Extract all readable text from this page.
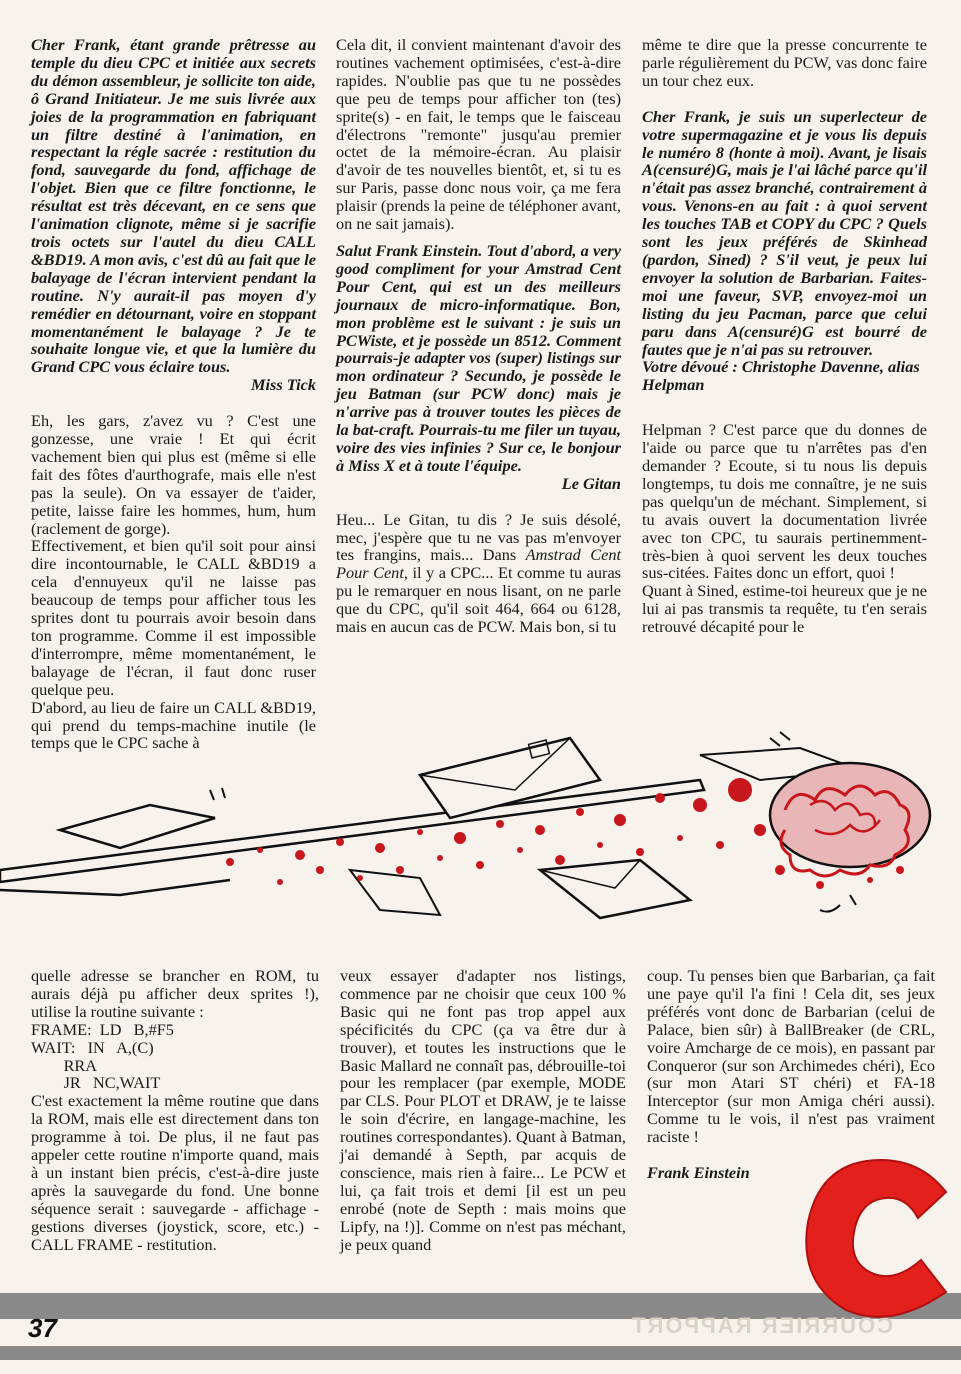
Cher Frank, étant grande prêtresse au temple du dieu CPC et initiée aux secrets du démon assembleur, je sollicite ton aide, ô Grand Initiateur. Je me suis livrée aux joies de la programmation en fabriquant un filtre destiné à l'animation, en respectant la régle sacrée : restitution du fond, sauvegarde du fond, affichage de l'objet. Bien que ce filtre fonctionne, le résultat est très décevant, en ce sens que l'animation clignote, même si je sacrifie trois octets sur l'autel du dieu CALL &BD19. A mon avis, c'est dû au fait que le balayage de l'écran intervient pendant la routine. N'y aurait-il pas moyen d'y remédier en détournant, voire en stoppant momentanément le balayage ? Je te souhaite longue vie, et que la lumière du Grand CPC vous éclaire tous.

Miss Tick

Eh, les gars, z'avez vu ? C'est une gonzesse, une vraie ! Et qui écrit vachement bien qui plus est (même si elle fait des fôtes d'aurthografe, mais elle n'est pas la seule). On va essayer de t'aider, petite, laisse faire les hommes, hum, hum (raclement de gorge).

Effectivement, et bien qu'il soit pour ainsi dire incontournable, le CALL &BD19 a cela d'ennuyeux qu'il ne laisse pas beaucoup de temps pour afficher tous les sprites dont tu pourrais avoir besoin dans ton programme. Comme il est impossible d'interrompre, même momentanément, le balayage de l'écran, il faut donc ruser quelque peu.

D'abord, au lieu de faire un CALL &BD19, qui prend du temps-machine inutile (le temps que le CPC sache à

Cela dit, il convient maintenant d'avoir des routines vachement optimisées, c'est-à-dire rapides. N'oublie pas que tu ne possèdes que peu de temps pour afficher ton (tes) sprite(s) - en fait, le temps que le faisceau d'électrons "remonte" jusqu'au premier octet de la mémoire-écran. Au plaisir d'avoir de tes nouvelles bientôt, et, si tu es sur Paris, passe donc nous voir, ça me fera plaisir (prends la peine de téléphoner avant, on ne sait jamais).

Salut Frank Einstein. Tout d'abord, a very good compliment for your Amstrad Cent Pour Cent, qui est un des meilleurs journaux de micro-informatique. Bon, mon problème est le suivant : je suis un PCWiste, et je possède un 8512. Comment pourrais-je adapter vos (super) listings sur mon ordinateur ? Secundo, je possède le jeu Batman (sur PCW donc) mais je n'arrive pas à trouver toutes les pièces de la bat-craft. Pourrais-tu me filer un tuyau, voire des vies infinies ? Sur ce, le bonjour à Miss X et à toute l'équipe.

Le Gitan

Heu... Le Gitan, tu dis ? Je suis désolé, mec, j'espère que tu ne vas pas m'envoyer tes frangins, mais... Dans Amstrad Cent Pour Cent, il y a CPC... Et comme tu auras pu le remarquer en nous lisant, on ne parle que du CPC, qu'il soit 464, 664 ou 6128, mais en aucun cas de PCW. Mais bon, si tu

même te dire que la presse concurrente te parle régulièrement du PCW, vas donc faire un tour chez eux.

Cher Frank, je suis un superlecteur de votre supermagazine et je vous lis depuis le numéro 8 (honte à moi). Avant, je lisais A(censuré)G, mais je l'ai lâché parce qu'il n'était pas assez branché, contrairement à vous. Venons-en au fait : à quoi servent les touches TAB et COPY du CPC ? Quels sont les jeux préférés de Skinhead (pardon, Sined) ? S'il veut, je peux lui envoyer la solution de Barbarian. Faites-moi une faveur, SVP, envoyez-moi un listing du jeu Pacman, parce que celui paru dans A(censuré)G est bourré de fautes que je n'ai pas su retrouver.

Votre dévoué : Christophe Davenne, alias Helpman

Helpman ? C'est parce que du donnes de l'aide ou parce que tu n'arrêtes pas d'en demander ? Ecoute, si tu nous lis depuis longtemps, tu dois me connaître, je ne suis pas quelqu'un de méchant. Simplement, si tu avais ouvert la documentation livrée avec ton CPC, tu saurais pertinemment-très-bien à quoi servent les deux touches sus-citées. Faites donc un effort, quoi !

Quant à Sined, estime-toi heureux que je ne lui ai pas transmis ta requête, tu t'en serais retrouvé décapité pour le

quelle adresse se brancher en ROM, tu aurais déjà pu afficher deux sprites !), utilise la routine suivante :

FRAME:  LD   B,#F5

WAIT:   IN   A,(C)

RRA

JR   NC,WAIT

C'est exactement la même routine que dans la ROM, mais elle est directement dans ton programme à toi. De plus, il ne faut pas appeler cette routine n'importe quand, mais à un instant bien précis, c'est-à-dire juste après la sauvegarde du fond. Une bonne séquence serait : sauvegarde - affichage - gestions diverses (joystick, score, etc.) - CALL FRAME - restitution.

veux essayer d'adapter nos listings, commence par ne choisir que ceux 100 % Basic qui ne font pas trop appel aux spécificités du CPC (ça va être dur à trouver), et toutes les instructions que le Basic Mallard ne connaît pas, débrouille-toi pour les remplacer (par exemple, MODE par CLS. Pour PLOT et DRAW, je te laisse le soin d'écrire, en langage-machine, les routines correspondantes). Quant à Batman, j'ai demandé à Septh, par acquis de conscience, mais rien à faire... Le PCW et lui, ça fait trois et demi [il est un peu enrobé (note de Septh : mais moins que Lipfy, na !)]. Comme on n'est pas méchant, je peux quand

coup. Tu penses bien que Barbarian, ça fait une paye qu'il l'a fini ! Cela dit, ses jeux préférés vont donc de Barbarian (celui de Palace, bien sûr) à BallBreaker (de CRL, voire Amcharge de ce mois), en passant par Conqueror (sur son Archimedes chéri), Eco (sur mon Atari ST chéri) et FA-18 Interceptor (sur mon Amiga chéri aussi). Comme tu le vois, il n'est pas vraiment raciste !

Frank Einstein

COURRIER RAPPORT
37
